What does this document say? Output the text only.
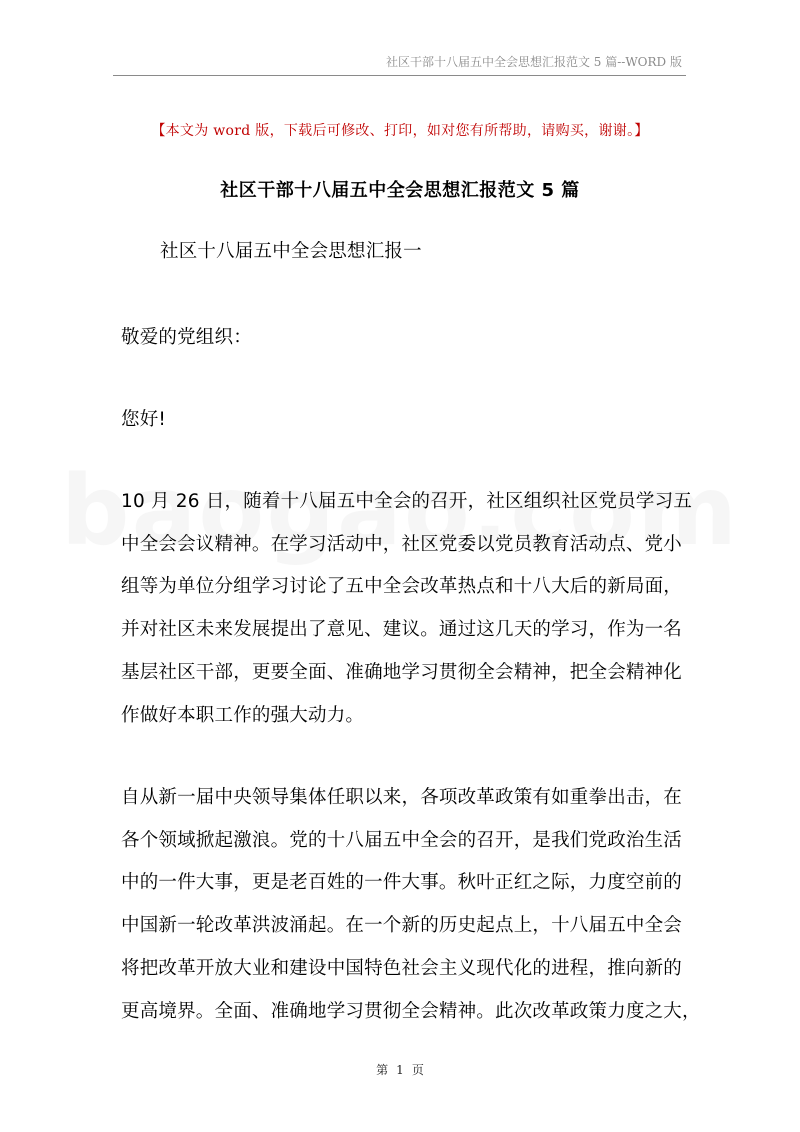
社区干部十八届五中全会思想汇报范文 5 篇--WORD 版
【本文为 word 版，下载后可修改、打印，如对您有所帮助，请购买，谢谢。】
社区干部十八届五中全会思想汇报范文 5 篇
社区十八届五中全会思想汇报一
敬爱的党组织：
您好!
10 月 26 日，随着十八届五中全会的召开，社区组织社区党员学习五
中全会会议精神。在学习活动中，社区党委以党员教育活动点、党小
组等为单位分组学习讨论了五中全会改革热点和十八大后的新局面，
并对社区未来发展提出了意见、建议。通过这几天的学习，作为一名
基层社区干部，更要全面、准确地学习贯彻全会精神，把全会精神化
作做好本职工作的强大动力。
自从新一届中央领导集体任职以来，各项改革政策有如重拳出击，在
各个领域掀起激浪。党的十八届五中全会的召开，是我们党政治生活
中的一件大事，更是老百姓的一件大事。秋叶正红之际，力度空前的
中国新一轮改革洪波涌起。在一个新的历史起点上，十八届五中全会
将把改革开放大业和建设中国特色社会主义现代化的进程，推向新的
更高境界。全面、准确地学习贯彻全会精神。此次改革政策力度之大，
第 1 页
